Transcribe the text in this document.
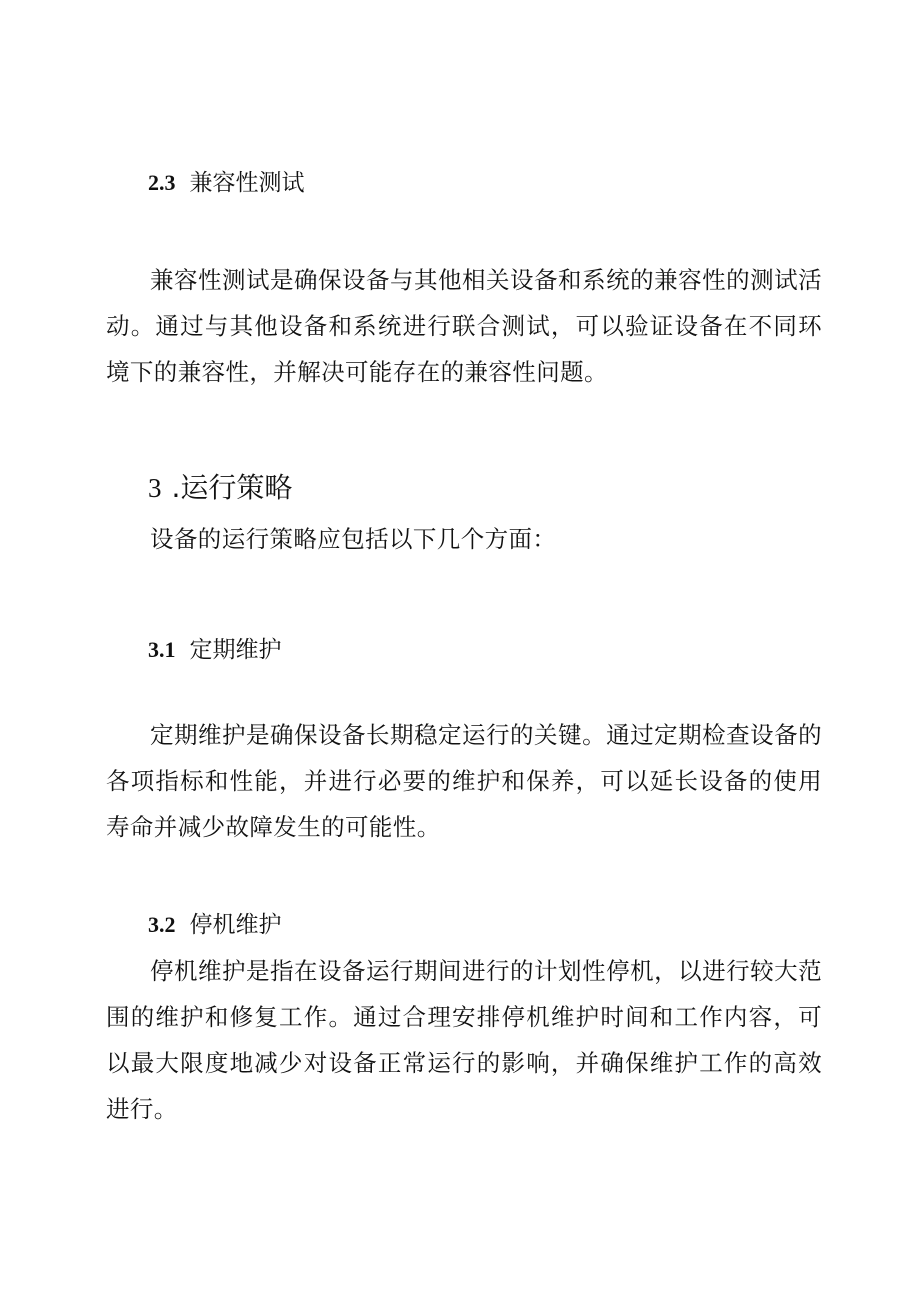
2.3 兼容性测试
兼容性测试是确保设备与其他相关设备和系统的兼容性的测试活动。通过与其他设备和系统进行联合测试，可以验证设备在不同环境下的兼容性，并解决可能存在的兼容性问题。
3 .运行策略
设备的运行策略应包括以下几个方面：
3.1 定期维护
定期维护是确保设备长期稳定运行的关键。通过定期检查设备的各项指标和性能，并进行必要的维护和保养，可以延长设备的使用寿命并减少故障发生的可能性。
3.2 停机维护
停机维护是指在设备运行期间进行的计划性停机，以进行较大范围的维护和修复工作。通过合理安排停机维护时间和工作内容，可以最大限度地减少对设备正常运行的影响，并确保维护工作的高效进行。
